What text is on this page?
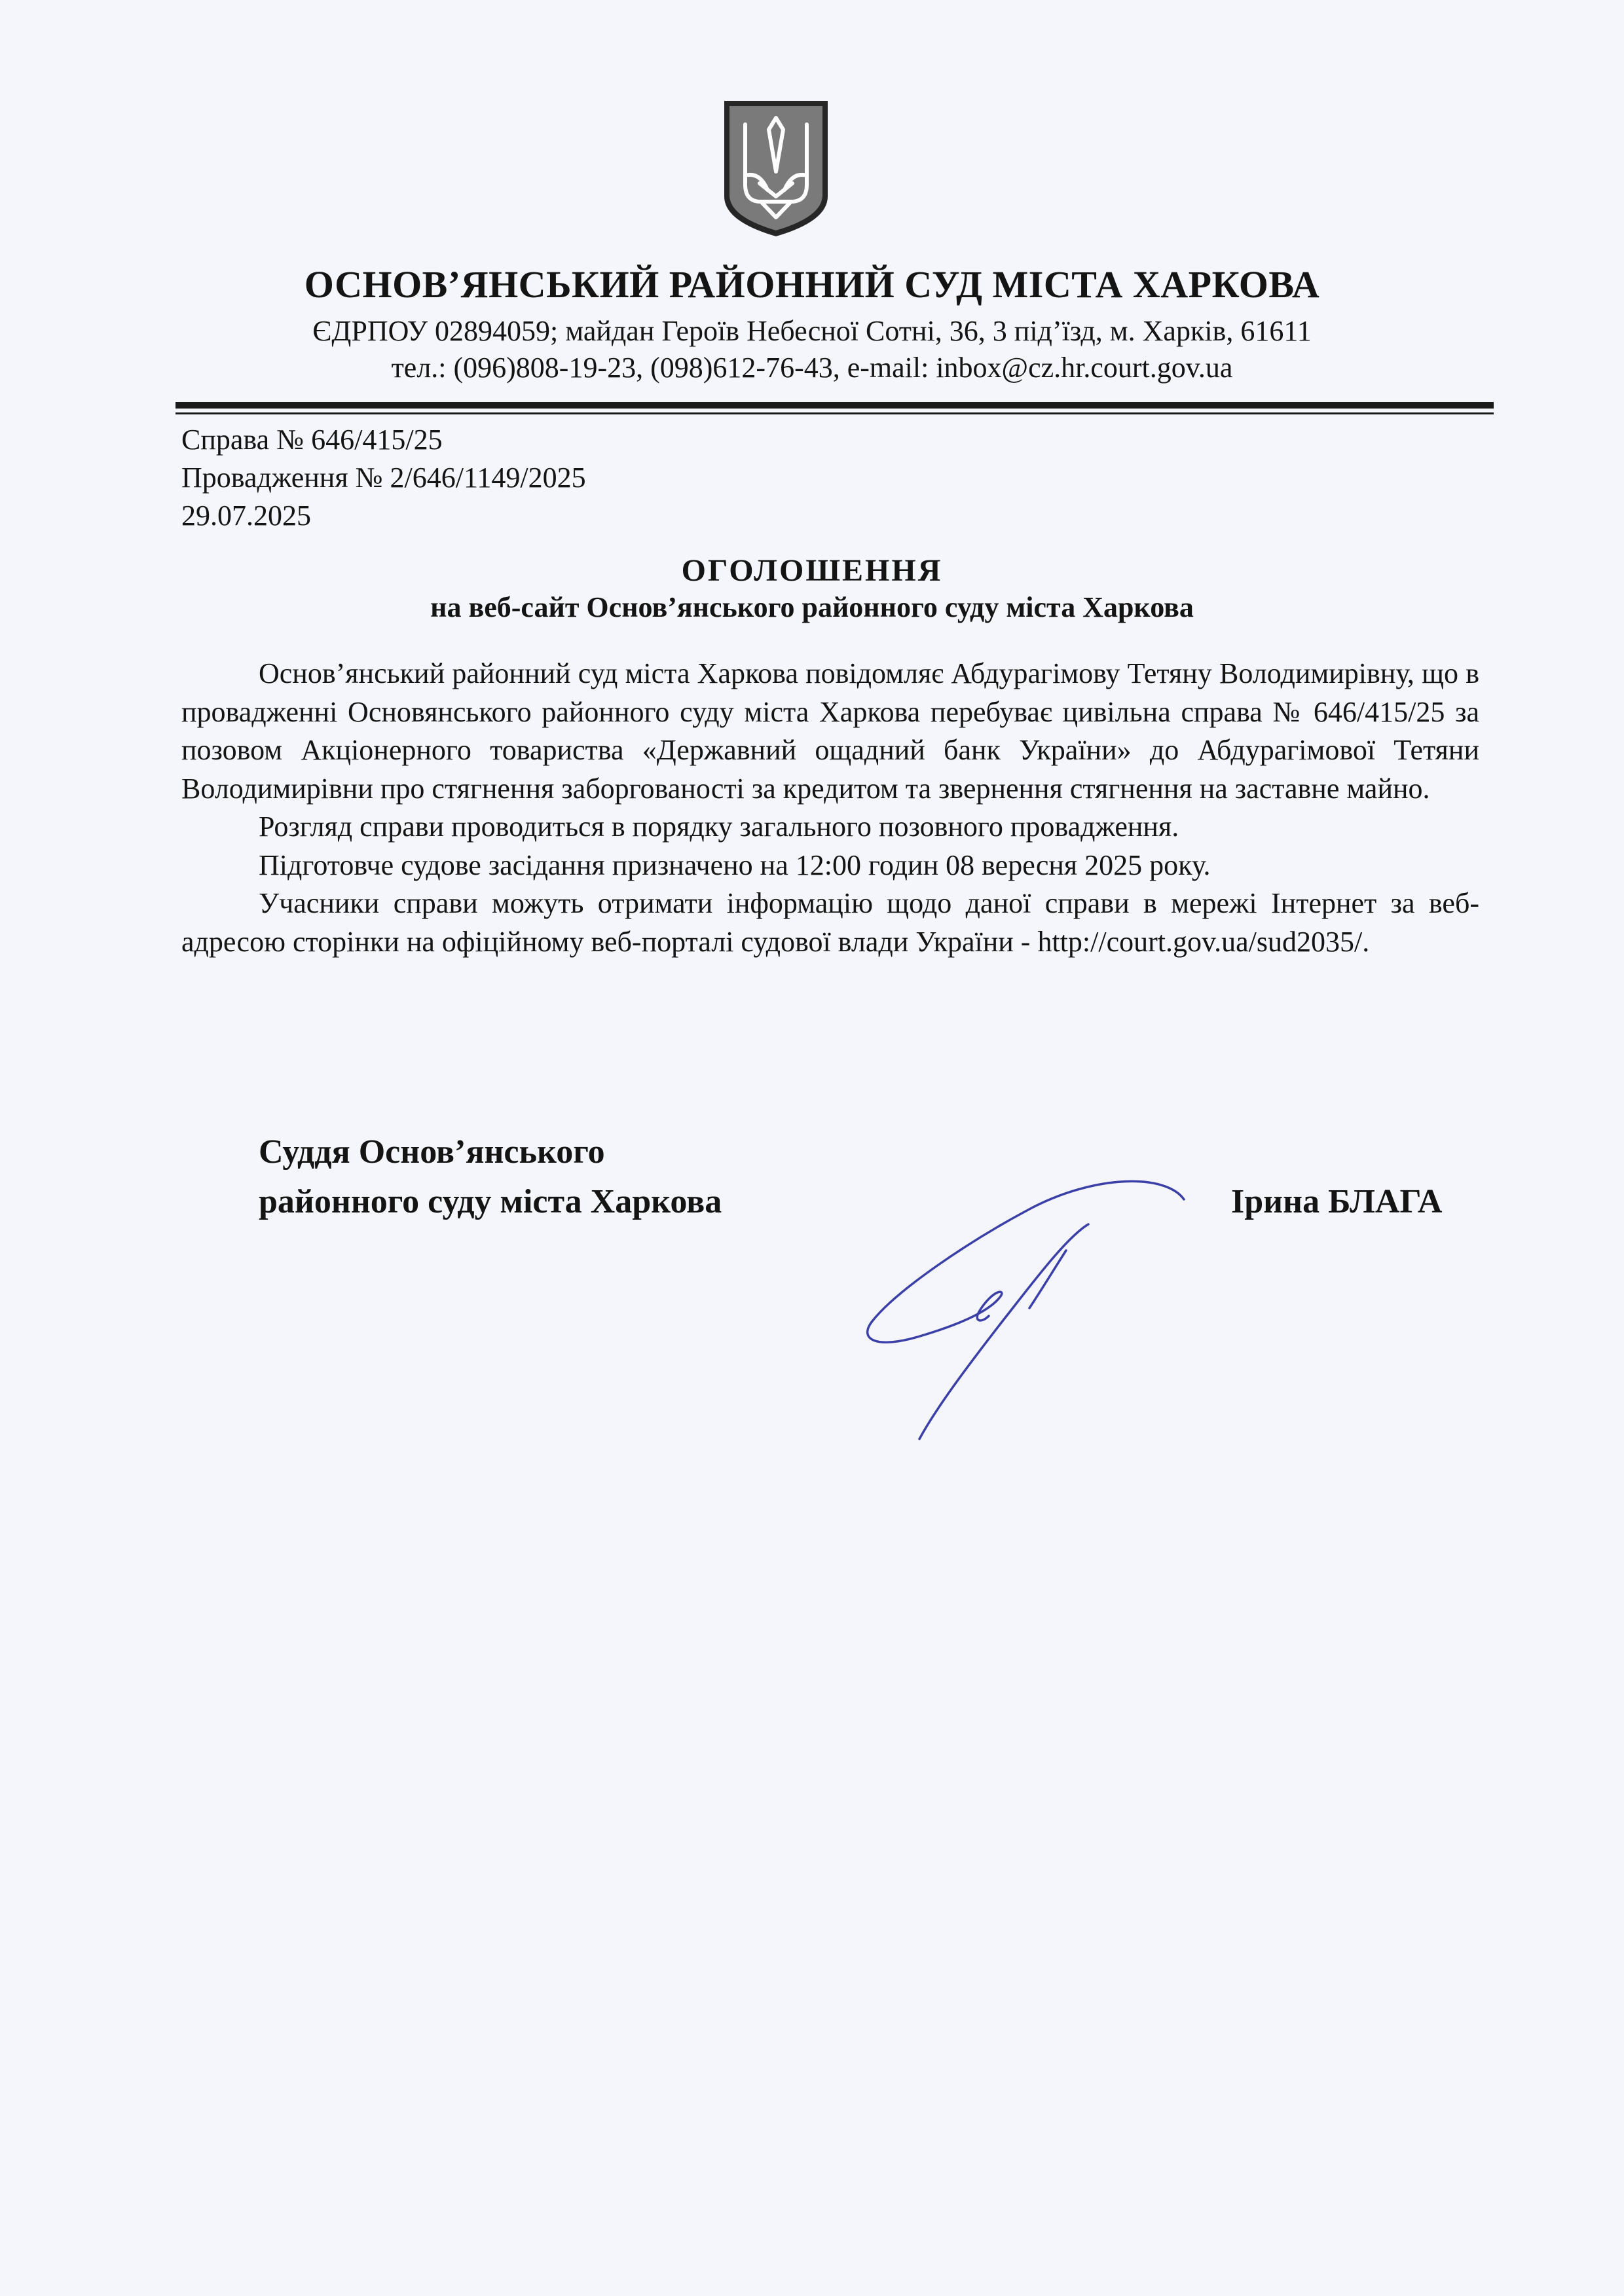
ОСНОВ’ЯНСЬКИЙ РАЙОННИЙ СУД МІСТА ХАРКОВА
ЄДРПОУ 02894059; майдан Героїв Небесної Сотні, 36, 3 під’їзд, м. Харків, 61611
тел.: (096)808-19-23, (098)612-76-43, e-mail: inbox@cz.hr.court.gov.ua
Справа № 646/415/25
Провадження № 2/646/1149/2025
29.07.2025
ОГОЛОШЕННЯ
на веб-сайт Основ’янського районного суду міста Харкова

Основ’янський районний суд міста Харкова повідомляє Абдурагімову Тетяну Володимирівну, що в провадженні Основянського районного суду міста Харкова перебуває цивільна справа № 646/415/25 за позовом Акціонерного товариства «Державний ощадний банк України» до Абдурагімової Тетяни Володимирівни про стягнення заборгованості за кредитом та звернення стягнення на заставне майно.

Розгляд справи проводиться в порядку загального позовного провадження.

Підготовче судове засідання призначено на 12:00 годин 08 вересня 2025 року.

Учасники справи можуть отримати інформацію щодо даної справи в мережі Інтернет за веб-адресою сторінки на офіційному веб-порталі судової влади України - http://court.gov.ua/sud2035/.

Суддя Основ’янського
районного суду міста Харкова	Ірина БЛАГА
